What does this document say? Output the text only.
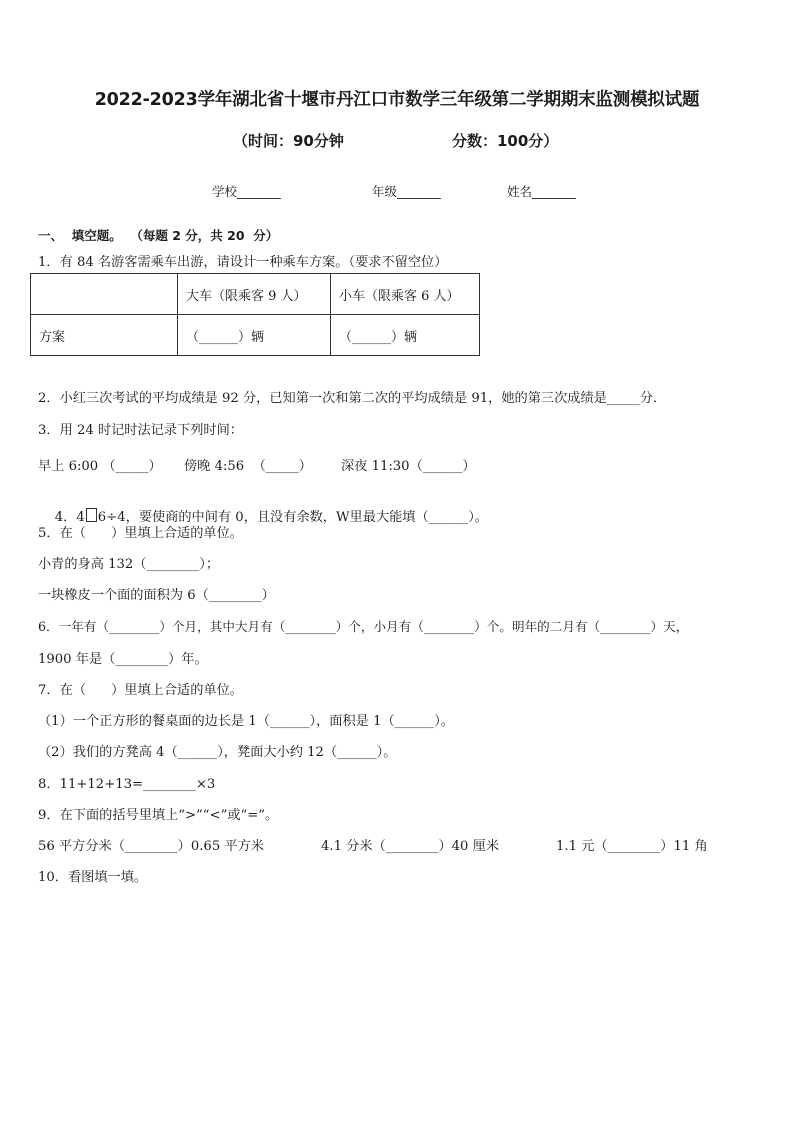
2022-2023学年湖北省十堰市丹江口市数学三年级第二学期期末监测模拟试题
（时间：90分钟	分数：100分）
学校_______	年级_______	姓名_______
一、  填空题。  （每题 2 分，共 20  分）
1．有 84 名游客需乘车出游，请设计一种乘车方案。（要求不留空位）
	大车（限乘客 9 人）	小车（限乘客 6 人）
方案	（______）辆	（______）辆
2．小红三次考试的平均成绩是 92 分，已知第一次和第二次的平均成绩是 91，她的第三次成绩是_____分．
3．用 24 时记时法记录下列时间：
早上 6:00 （_____） 傍晚 4:56  （_____） 深夜 11:30（______）

4．4 6÷4，要使商的中间有 0，且没有余数，W里最大能填（______）。

5．在（      ）里填上合适的单位。
小青的身高 132（________）；
一块橡皮一个面的面积为 6（________）
6．一年有（________）个月，其中大月有（________）个，小月有（________）个。明年的二月有（________）天，
1900 年是（________）年。
7．在（      ）里填上合适的单位。
（1）一个正方形的餐桌面的边长是 1（______），面积是 1（______）。
（2）我们的方凳高 4（______），凳面大小约 12（______）。
8．11+12+13=________×3
9．在下面的括号里填上“>”“<”或“=”。
56 平方分米（________）0.65 平方米	4.1 分米（________）40 厘米	1.1 元（________）11 角
10．看图填一填。
